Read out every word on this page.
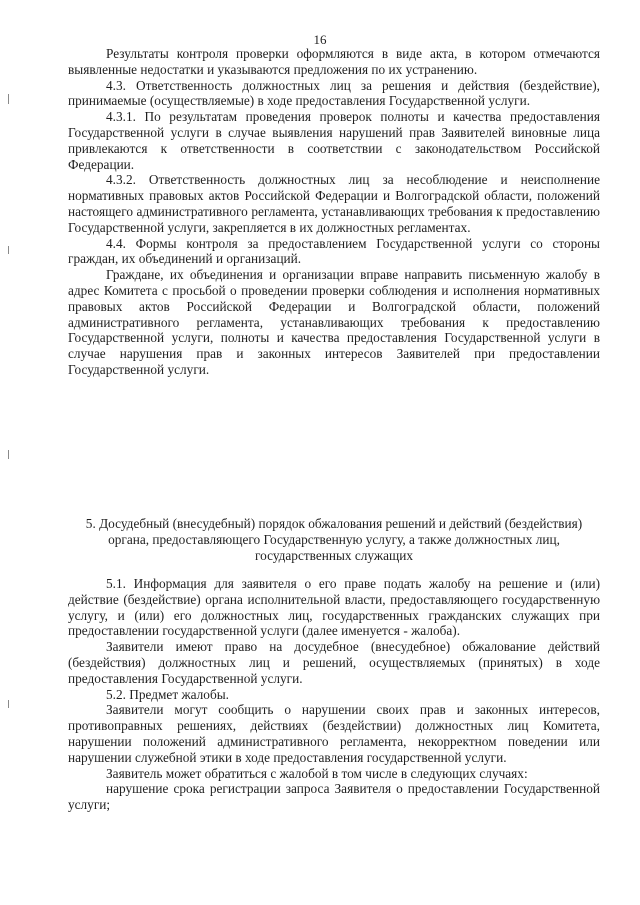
16

Результаты контроля проверки оформляются в виде акта, в котором отмечаются выявленные недостатки и указываются предложения по их устранению.

4.3. Ответственность должностных лиц за решения и действия (бездействие), принимаемые (осуществляемые) в ходе предоставления Государственной услуги.

4.3.1. По результатам проведения проверок полноты и качества предоставления Государственной услуги в случае выявления нарушений прав Заявителей виновные лица привлекаются к ответственности в соответствии с законодательством Российской Федерации.

4.3.2. Ответственность должностных лиц за несоблюдение и неисполнение нормативных правовых актов Российской Федерации и Волгоградской области, положений настоящего административного регламента, устанавливающих требования к предоставлению Государственной услуги, закрепляется в их должностных регламентах.

4.4. Формы контроля за предоставлением Государственной услуги со стороны граждан, их объединений и организаций.

Граждане, их объединения и организации вправе направить письменную жалобу в адрес Комитета с просьбой о проведении проверки соблюдения и исполнения нормативных правовых актов Российской Федерации и Волгоградской области, положений административного регламента, устанавливающих требования к предоставлению Государственной услуги, полноты и качества предоставления Государственной услуги в случае нарушения прав и законных интересов Заявителей при предоставлении Государственной услуги.

5. Досудебный (внесудебный) порядок обжалования решений и действий (бездействия) органа, предоставляющего Государственную услугу, а также должностных лиц, государственных служащих

5.1. Информация для заявителя о его праве подать жалобу на решение и (или) действие (бездействие) органа исполнительной власти, предоставляющего государственную услугу, и (или) его должностных лиц, государственных гражданских служащих при предоставлении государственной услуги (далее именуется - жалоба).

Заявители имеют право на досудебное (внесудебное) обжалование действий (бездействия) должностных лиц и решений, осуществляемых (принятых) в ходе предоставления Государственной услуги.

5.2. Предмет жалобы.

Заявители могут сообщить о нарушении своих прав и законных интересов, противоправных решениях, действиях (бездействии) должностных лиц Комитета, нарушении положений административного регламента, некорректном поведении или нарушении служебной этики в ходе предоставления государственной услуги.

Заявитель может обратиться с жалобой в том числе в следующих случаях:

нарушение срока регистрации запроса Заявителя о предоставлении Государственной услуги;
